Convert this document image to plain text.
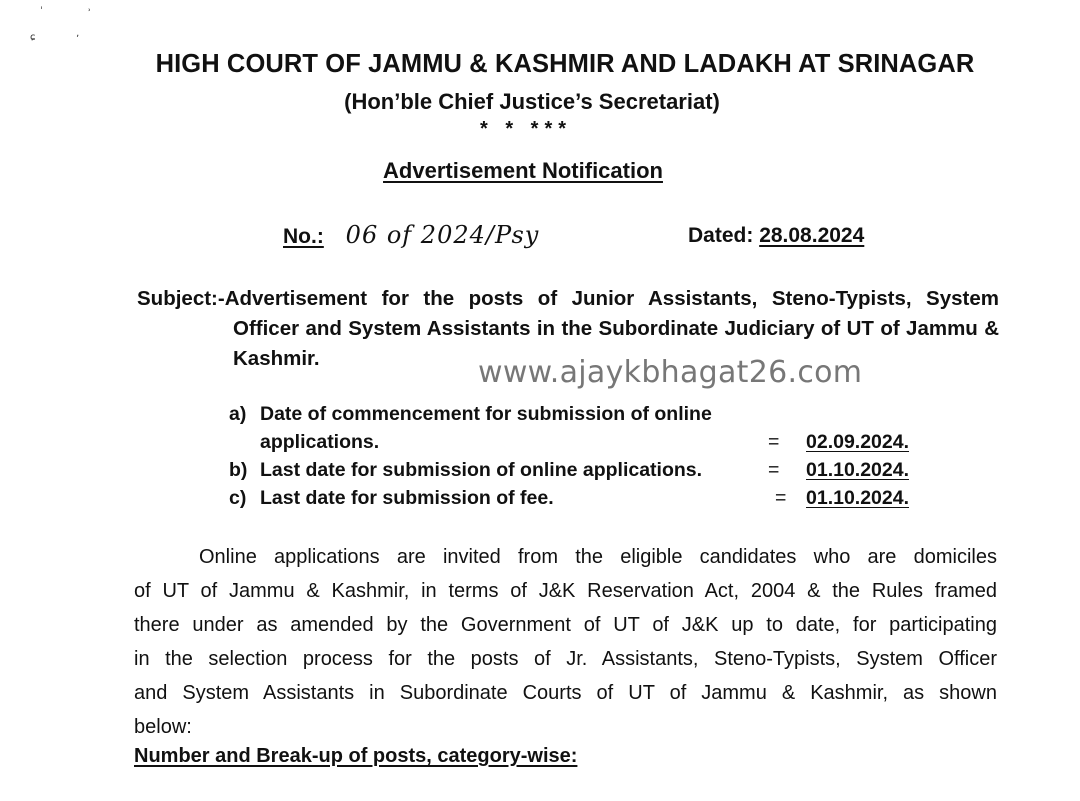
ˈ	ʾ
ɕ	ʼ
HIGH COURT OF JAMMU & KASHMIR AND LADAKH AT SRINAGAR
(Hon’ble Chief Justice’s Secretariat)
* * ***
Advertisement Notification
No.: 06 of 2024/Psy	Dated: 28.08.2024
Subject:-Advertisement for the posts of Junior Assistants, Steno-Typists, System
Officer and System Assistants in the Subordinate Judiciary of UT of Jammu & Kashmir.	www.ajaykbhagat26.com
a) Date of commencement for submission of online
applications.	= 02.09.2024.
b) Last date for submission of online applications.	= 01.10.2024.
c) Last date for submission of fee.	= 01.10.2024.
Online applications are invited from the eligible candidates who are domiciles
of UT of Jammu & Kashmir, in terms of J&K Reservation Act, 2004 & the Rules framed
there under as amended by the Government of UT of J&K up to date, for participating
in the selection process for the posts of Jr. Assistants, Steno-Typists, System Officer
and System Assistants in Subordinate Courts of UT of Jammu & Kashmir, as shown
below:
Number and Break-up of posts, category-wise:
